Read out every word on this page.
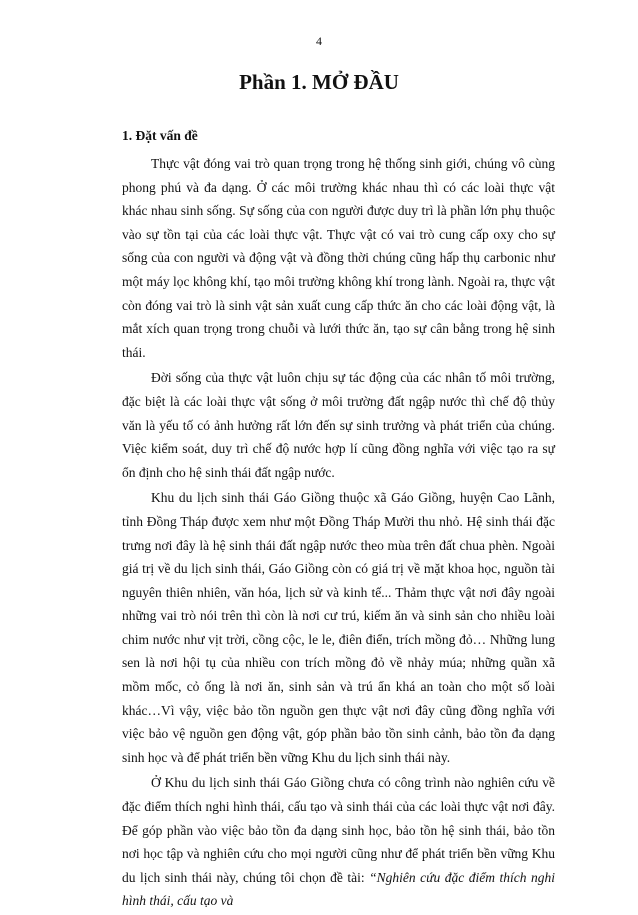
4
Phần 1. MỞ ĐẦU
1. Đặt vấn đề

Thực vật đóng vai trò quan trọng trong hệ thống sinh giới, chúng vô cùng phong phú và đa dạng. Ở các môi trường khác nhau thì có các loài thực vật khác nhau sinh sống. Sự sống của con người được duy trì là phần lớn phụ thuộc vào sự tồn tại của các loài thực vật. Thực vật có vai trò cung cấp oxy cho sự sống của con người và động vật và đồng thời chúng cũng hấp thụ carbonic như một máy lọc không khí, tạo môi trường không khí trong lành. Ngoài ra, thực vật còn đóng vai trò là sinh vật sản xuất cung cấp thức ăn cho các loài động vật, là mắt xích quan trọng trong chuỗi và lưới thức ăn, tạo sự cân bằng trong hệ sinh thái.

Đời sống của thực vật luôn chịu sự tác động của các nhân tố môi trường, đặc biệt là các loài thực vật sống ở môi trường đất ngập nước thì chế độ thủy văn là yếu tố có ảnh hưởng rất lớn đến sự sinh trưởng và phát triển của chúng. Việc kiểm soát, duy trì chế độ nước hợp lí cũng đồng nghĩa với việc tạo ra sự ổn định cho hệ sinh thái đất ngập nước.

Khu du lịch sinh thái Gáo Giồng thuộc xã Gáo Giồng, huyện Cao Lãnh, tỉnh Đồng Tháp được xem như một Đồng Tháp Mười thu nhỏ. Hệ sinh thái đặc trưng nơi đây là hệ sinh thái đất ngập nước theo mùa trên đất chua phèn. Ngoài giá trị về du lịch sinh thái, Gáo Giồng còn có giá trị về mặt khoa học, nguồn tài nguyên thiên nhiên, văn hóa, lịch sử và kinh tế... Thảm thực vật nơi đây ngoài những vai trò nói trên thì còn là nơi cư trú, kiếm ăn và sinh sản cho nhiều loài chim nước như vịt trời, cồng cộc, le le, điên điển, trích mồng đỏ… Những lung sen là nơi hội tụ của nhiều con trích mồng đỏ về nhảy múa; những quần xã mồm mốc, cỏ ống là nơi ăn, sinh sản và trú ẩn khá an toàn cho một số loài khác…Vì vậy, việc bảo tồn nguồn gen thực vật nơi đây cũng đồng nghĩa với việc bảo vệ nguồn gen động vật, góp phần bảo tồn sinh cảnh, bảo tồn đa dạng sinh học và để phát triển bền vững Khu du lịch sinh thái này.

Ở Khu du lịch sinh thái Gáo Giồng chưa có công trình nào nghiên cứu về đặc điểm thích nghi hình thái, cấu tạo và sinh thái của các loài thực vật nơi đây. Để góp phần vào việc bảo tồn đa dạng sinh học, bảo tồn hệ sinh thái, bảo tồn nơi học tập và nghiên cứu cho mọi người cũng như để phát triển bền vững Khu du lịch sinh thái này, chúng tôi chọn đề tài: “Nghiên cứu đặc điểm thích nghi hình thái, cấu tạo và
